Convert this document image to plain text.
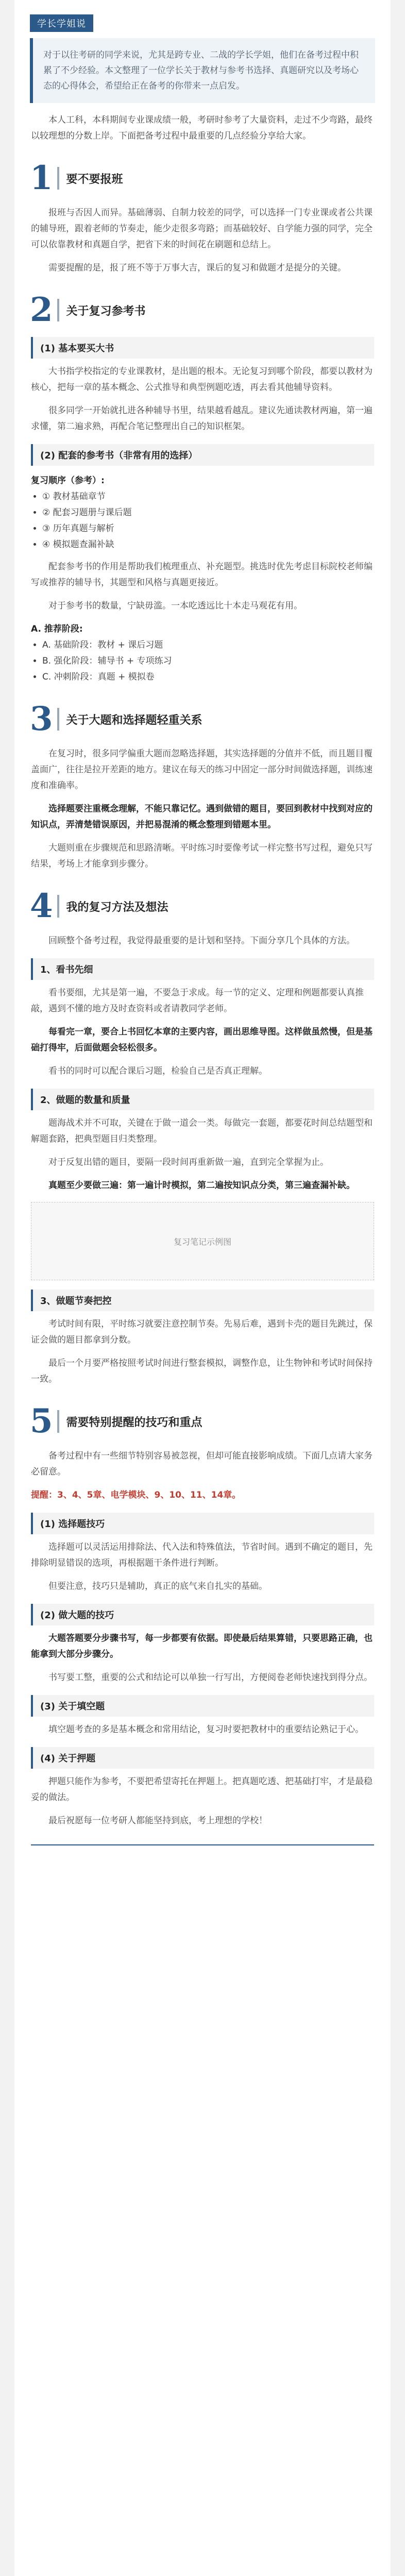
学长学姐说
对于以往考研的同学来说，尤其是跨专业、二战的学长学姐，他们在备考过程中积累了不少经验。本文整理了一位学长关于教材与参考书选择、真题研究以及考场心态的心得体会，希望给正在备考的你带来一点启发。

本人工科，本科期间专业课成绩一般，考研时参考了大量资料，走过不少弯路，最终以较理想的分数上岸。下面把备考过程中最重要的几点经验分享给大家。

1 要不要报班

报班与否因人而异。基础薄弱、自制力较差的同学，可以选择一门专业课或者公共课的辅导班，跟着老师的节奏走，能少走很多弯路；而基础较好、自学能力强的同学，完全可以依靠教材和真题自学，把省下来的时间花在刷题和总结上。

需要提醒的是，报了班不等于万事大吉，课后的复习和做题才是提分的关键。

2 关于复习参考书
(1) 基本要买大书

大书指学校指定的专业课教材，是出题的根本。无论复习到哪个阶段，都要以教材为核心，把每一章的基本概念、公式推导和典型例题吃透，再去看其他辅导资料。

很多同学一开始就扎进各种辅导书里，结果越看越乱。建议先通读教材两遍，第一遍求懂，第二遍求熟，再配合笔记整理出自己的知识框架。

(2) 配套的参考书（非常有用的选择）
复习顺序（参考）:
• ① 教材基础章节
• ② 配套习题册与课后题
• ③ 历年真题与解析
• ④ 模拟题查漏补缺

配套参考书的作用是帮助我们梳理重点、补充题型。挑选时优先考虑目标院校老师编写或推荐的辅导书，其题型和风格与真题更接近。

对于参考书的数量，宁缺毋滥。一本吃透远比十本走马观花有用。

A. 推荐阶段:
• A. 基础阶段：教材 + 课后习题
• B. 强化阶段：辅导书 + 专项练习
• C. 冲刺阶段：真题 + 模拟卷
3 关于大题和选择题轻重关系

在复习时，很多同学偏重大题而忽略选择题，其实选择题的分值并不低，而且题目覆盖面广，往往是拉开差距的地方。建议在每天的练习中固定一部分时间做选择题，训练速度和准确率。

选择题要注重概念理解，不能只靠记忆。遇到做错的题目，要回到教材中找到对应的知识点，弄清楚错误原因，并把易混淆的概念整理到错题本里。

大题则重在步骤规范和思路清晰。平时练习时要像考试一样完整书写过程，避免只写结果，考场上才能拿到步骤分。

4 我的复习方法及想法

回顾整个备考过程，我觉得最重要的是计划和坚持。下面分享几个具体的方法。

1、看书先细

看书要细，尤其是第一遍，不要急于求成。每一节的定义、定理和例题都要认真推敲，遇到不懂的地方及时查资料或者请教同学老师。

每看完一章，要合上书回忆本章的主要内容，画出思维导图。这样做虽然慢，但是基础打得牢，后面做题会轻松很多。

看书的同时可以配合课后习题，检验自己是否真正理解。

2、做题的数量和质量

题海战术并不可取，关键在于做一道会一类。每做完一套题，都要花时间总结题型和解题套路，把典型题目归类整理。

对于反复出错的题目，要隔一段时间再重新做一遍，直到完全掌握为止。

真题至少要做三遍：第一遍计时模拟，第二遍按知识点分类，第三遍查漏补缺。

复习笔记示例图
3、做题节奏把控

考试时间有限，平时练习就要注意控制节奏。先易后难，遇到卡壳的题目先跳过，保证会做的题目都拿到分数。

最后一个月要严格按照考试时间进行整套模拟，调整作息，让生物钟和考试时间保持一致。

5 需要特别提醒的技巧和重点

备考过程中有一些细节特别容易被忽视，但却可能直接影响成绩。下面几点请大家务必留意。

提醒：3、4、5章、电学模块、9、10、11、14章。

(1) 选择题技巧

选择题可以灵活运用排除法、代入法和特殊值法，节省时间。遇到不确定的题目，先排除明显错误的选项，再根据题干条件进行判断。

但要注意，技巧只是辅助，真正的底气来自扎实的基础。

(2) 做大题的技巧

大题答题要分步骤书写，每一步都要有依据。即使最后结果算错，只要思路正确，也能拿到大部分步骤分。

书写要工整，重要的公式和结论可以单独一行写出，方便阅卷老师快速找到得分点。

(3) 关于填空题

填空题考查的多是基本概念和常用结论，复习时要把教材中的重要结论熟记于心。

(4) 关于押题

押题只能作为参考，不要把希望寄托在押题上。把真题吃透、把基础打牢，才是最稳妥的做法。

最后祝愿每一位考研人都能坚持到底，考上理想的学校！
